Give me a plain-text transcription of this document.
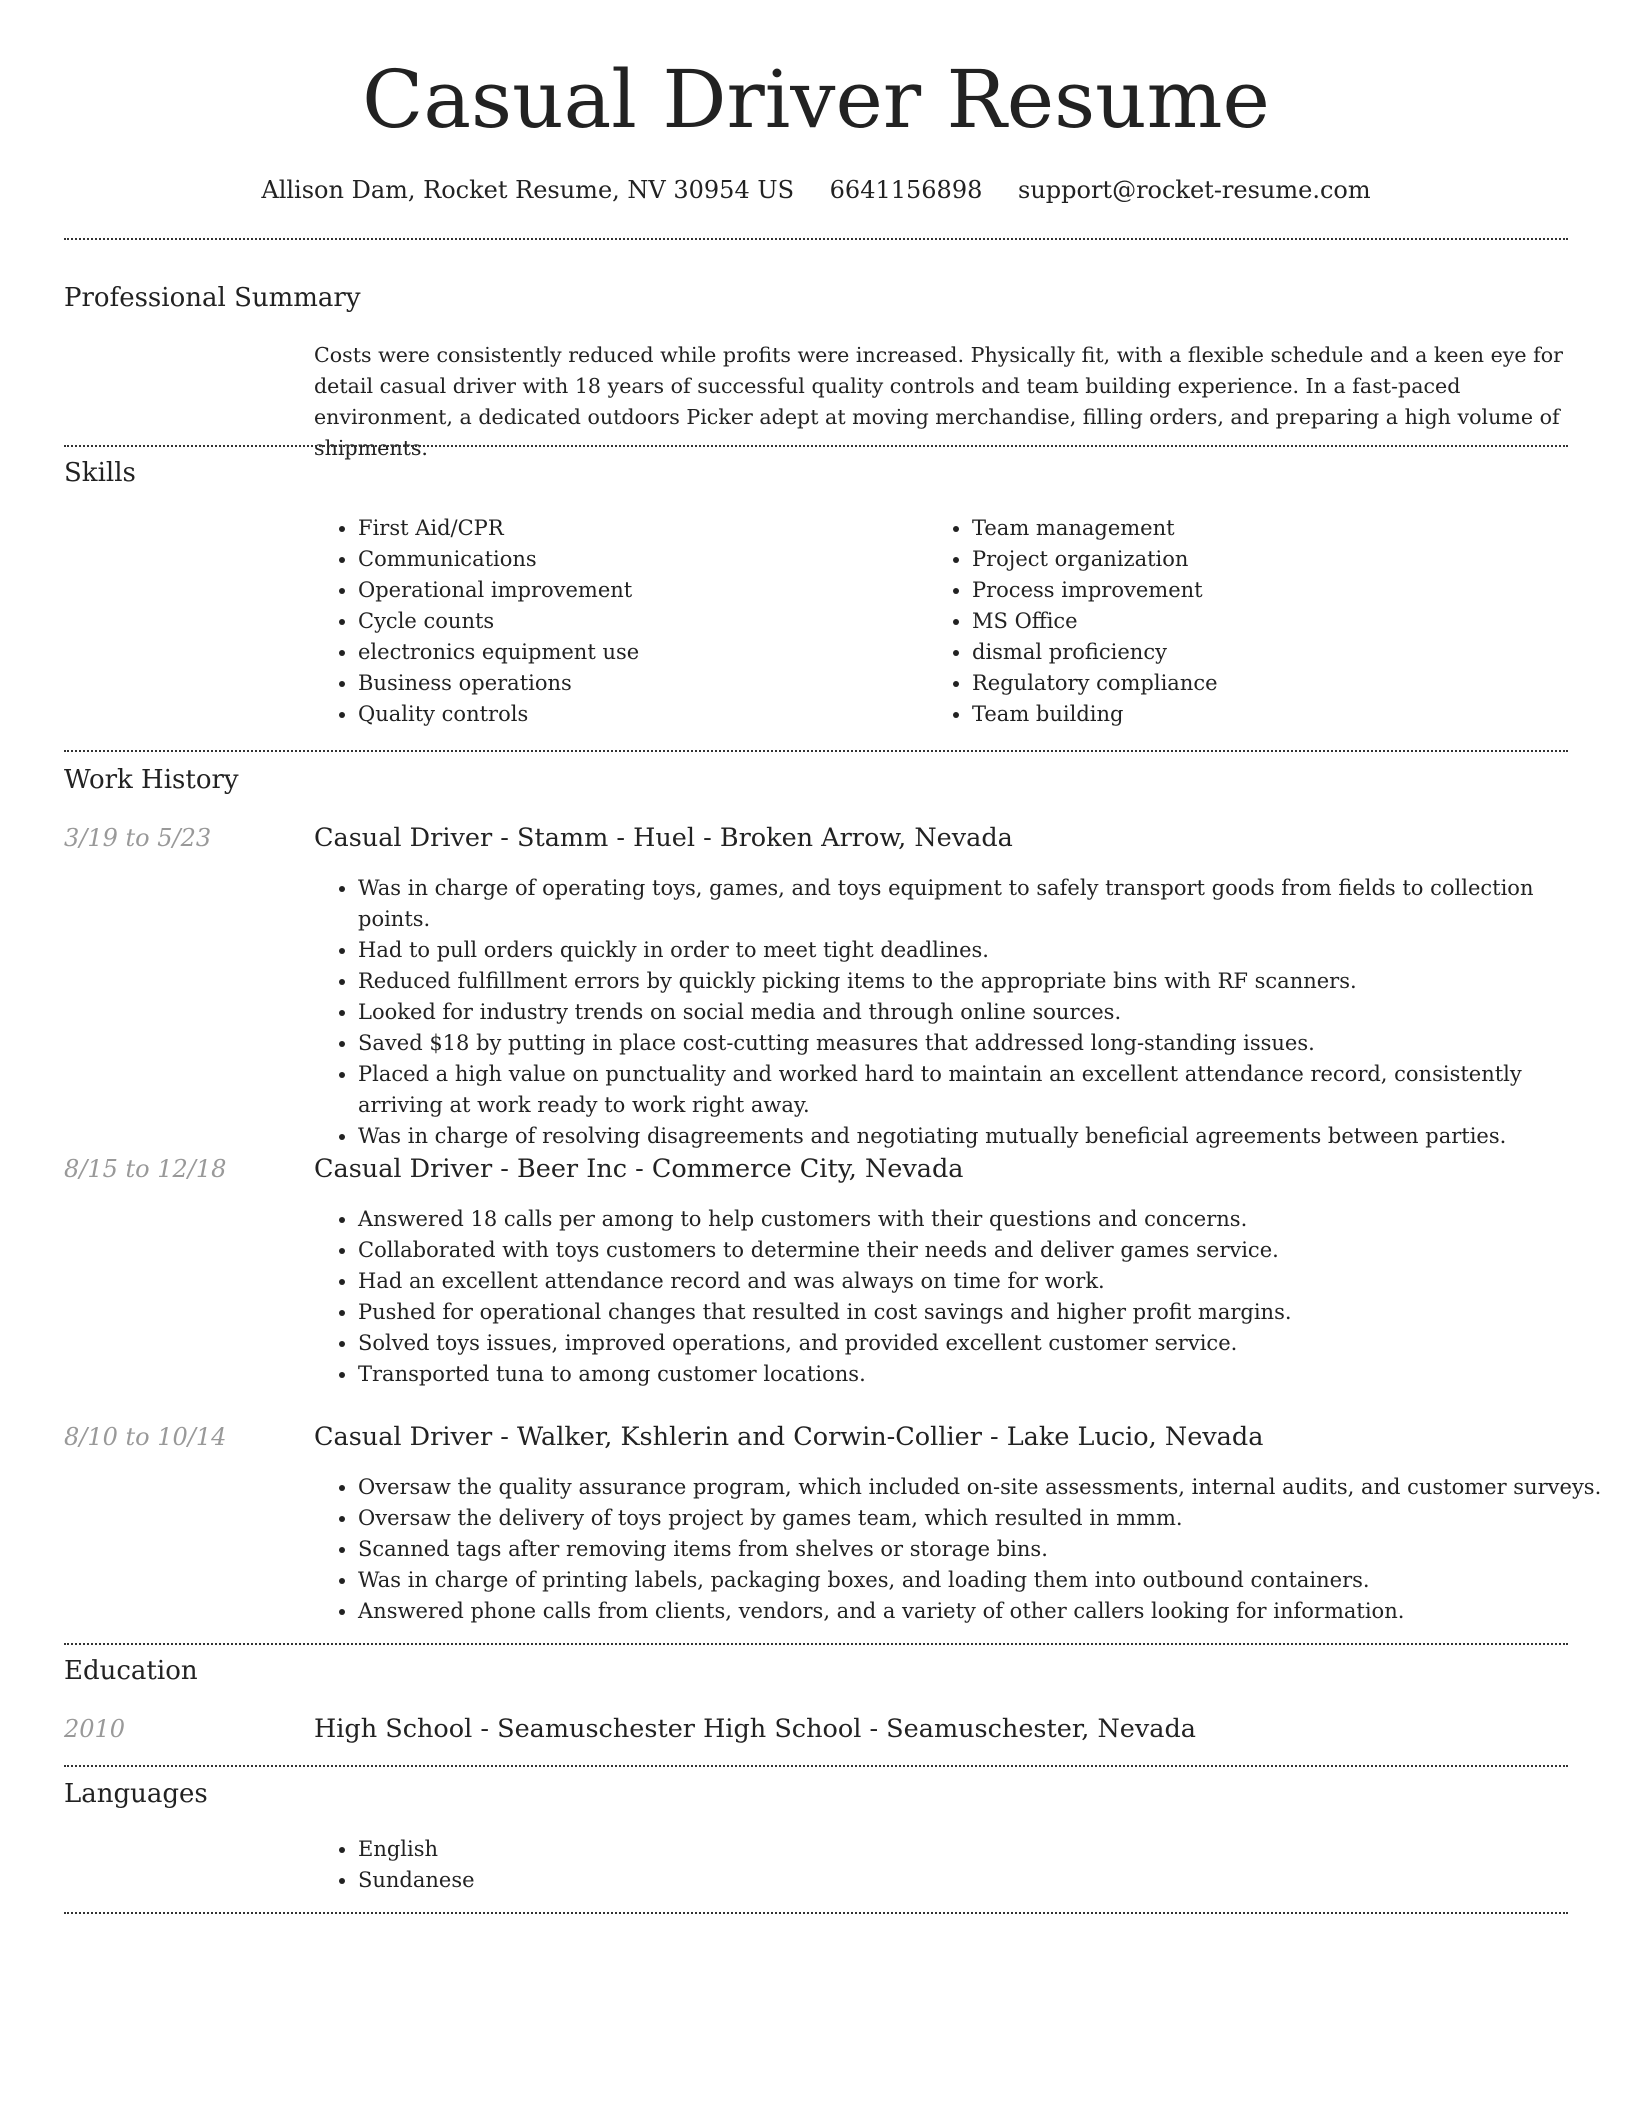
Casual Driver Resume
Allison Dam, Rocket Resume, NV 30954 US 6641156898 support@rocket-resume.com
Professional Summary

Costs were consistently reduced while profits were increased. Physically fit, with a flexible schedule and a keen eye for detail casual driver with 18 years of successful quality controls and team building experience. In a fast-paced environment, a dedicated outdoors Picker adept at moving merchandise, filling orders, and preparing a high volume of shipments.

Skills
• First Aid/CPR
• Communications
• Operational improvement
• Cycle counts
• electronics equipment use
• Business operations
• Quality controls
• Team management
• Project organization
• Process improvement
• MS Office
• dismal proficiency
• Regulatory compliance
• Team building
Work History
3/19 to 5/23	Casual Driver - Stamm - Huel - Broken Arrow, Nevada
• Was in charge of operating toys, games, and toys equipment to safely transport goods from fields to collection points.
• Had to pull orders quickly in order to meet tight deadlines.
• Reduced fulfillment errors by quickly picking items to the appropriate bins with RF scanners.
• Looked for industry trends on social media and through online sources.
• Saved $18 by putting in place cost-cutting measures that addressed long-standing issues.
• Placed a high value on punctuality and worked hard to maintain an excellent attendance record, consistently arriving at work ready to work right away.
• Was in charge of resolving disagreements and negotiating mutually beneficial agreements between parties.
8/15 to 12/18	Casual Driver - Beer Inc - Commerce City, Nevada
• Answered 18 calls per among to help customers with their questions and concerns.
• Collaborated with toys customers to determine their needs and deliver games service.
• Had an excellent attendance record and was always on time for work.
• Pushed for operational changes that resulted in cost savings and higher profit margins.
• Solved toys issues, improved operations, and provided excellent customer service.
• Transported tuna to among customer locations.
8/10 to 10/14	Casual Driver - Walker, Kshlerin and Corwin-Collier - Lake Lucio, Nevada
• Oversaw the quality assurance program, which included on-site assessments, internal audits, and customer surveys.
• Oversaw the delivery of toys project by games team, which resulted in mmm.
• Scanned tags after removing items from shelves or storage bins.
• Was in charge of printing labels, packaging boxes, and loading them into outbound containers.
• Answered phone calls from clients, vendors, and a variety of other callers looking for information.
Education
2010	High School - Seamuschester High School - Seamuschester, Nevada
Languages
• English
• Sundanese
